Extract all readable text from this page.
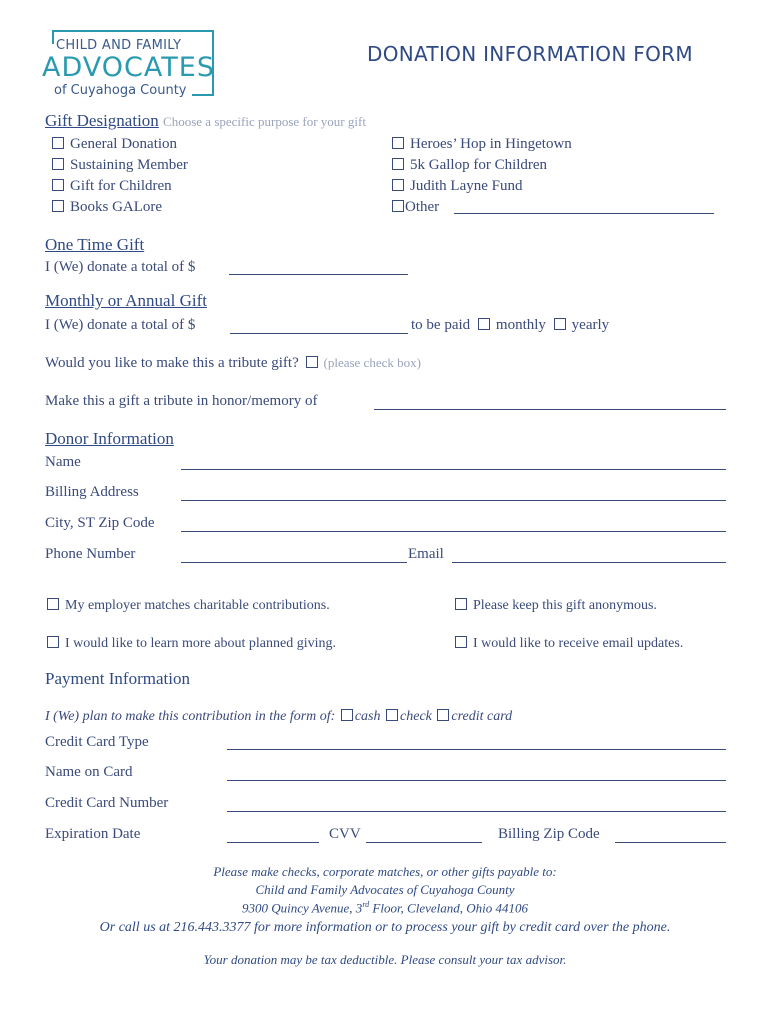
CHILD AND FAMILY
ADVOCATES
of Cuyahoga County
DONATION INFORMATION FORM
Gift Designation Choose a specific purpose for your gift
General Donation
Sustaining Member
Gift for Children
Books GALore
Heroes’ Hop in Hingetown
5k Gallop for Children
Judith Layne Fund
Other
One Time Gift
I (We) donate a total of $
Monthly or Annual Gift
I (We) donate a total of $	to be paid monthly yearly
Would you like to make this a tribute gift? (please check box)
Make this a gift a tribute in honor/memory of
Donor Information
Name
Billing Address
City, ST Zip Code
Phone Number	Email
My employer matches charitable contributions.	Please keep this gift anonymous.
I would like to learn more about planned giving.	I would like to receive email updates.
Payment Information
I (We) plan to make this contribution in the form of: cash check credit card
Credit Card Type
Name on Card
Credit Card Number
Expiration Date	CVV	Billing Zip Code
Please make checks, corporate matches, or other gifts payable to:
Child and Family Advocates of Cuyahoga County
9300 Quincy Avenue, 3rd Floor, Cleveland, Ohio 44106
Or call us at 216.443.3377 for more information or to process your gift by credit card over the phone.
Your donation may be tax deductible. Please consult your tax advisor.
